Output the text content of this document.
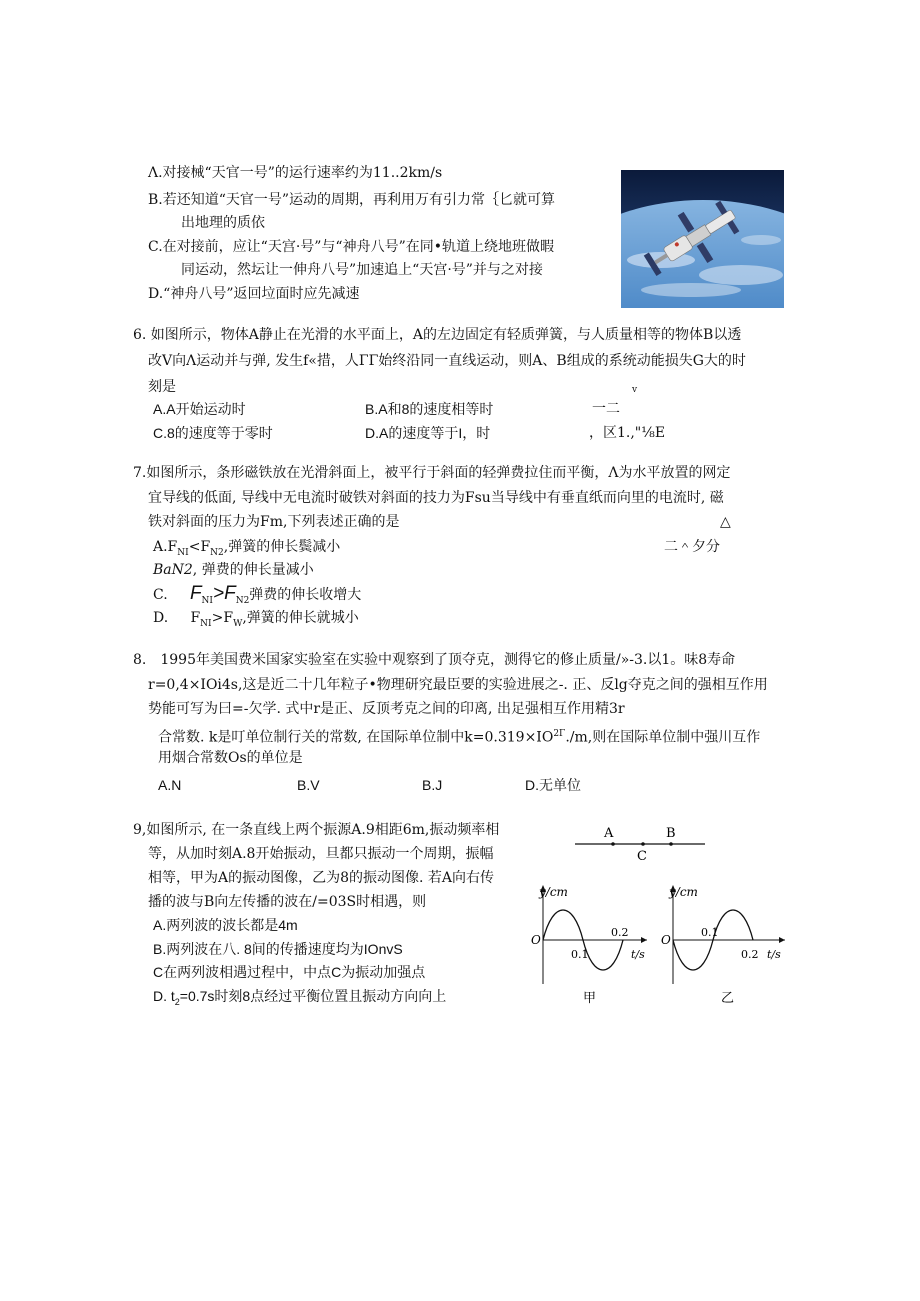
Λ.对接械“天官一号”的运行速率约为11..2km∕s
B.若还知道“天官一号”运动的周期，再利用万有引力常｛匕就可算
出地理的质依
C.在对接前，应让“天宫·号”与“神舟八号”在同•轨道上绕地班做暇
同运动，然坛让一伸舟八号”加速追上“天宫·号”并与之对接
D.“神舟八号”返回垃面时应先减速
6. 如图所示，物体A静止在光滑的水平面上，A的左边固定有轻质弹簧，与人质量相等的物体B以透
改V向Λ运动并与弹, 发生f«措，人ΓΓ始终沿同一直线运动，则A、B组成的系统动能损失G大的时
刻是	v
A.A开始运动时	B.A和8的速度相等时	一二
C.8的速度等于零时	D.A的速度等于I，时	，区1.,"⅛E
7.如图所示，条形磁铁放在光滑斜面上，被平行于斜面的轻弹费拉住而平衡，Λ为水平放置的网定
宜导线的低面, 导线中无电流时破铁对斜面的技力为Fsu当导线中有垂直纸而向里的电流时, 磁
铁对斜面的压力为Fm,下列表述正确的是	△
$A.F_{NI}<F_{N2}$,弹簧的伸长鬓减小	二＾夕分
BaN2, 弹费的伸长量减小
C. $F_{NI}>F_{N2}$弹费的伸长收增大
D. $F_{NI}>F_W$,弹簧的伸长就城小
8.　1995年美国费米国家实验室在实验中观察到了顶夺克，测得它的修止质量/»-3.以1。味8寿命
r=0,4×IOi4s,这是近二十几年粒子•物理研究最臣要的实验进展之-. 正、反lg夺克之间的强相互作用
势能可写为曰=-欠学. 式中r是正、反顶考克之间的印离, 出足强相互作用精3r
合常数. k是叮单位制行关的常数, 在国际单位制中$k=0.319\times IO^{2\Gamma}./m$,则在国际单位制中强川互作
用烟合常数Os的单位是
A.N	B.V	B.J	D.无单位
9,如图所示, 在一条直线上两个振源A.9相距6m,振动频率相
等，从加时刻A.8开始振动，旦都只振动一个周期，振幅
相等，甲为A的振动图像，乙为8的振动图像. 若A向右传
播的波与B向左传播的波在/=03S时相遇，则
A.两列波的波长都是4m
B.两列波在八. 8间的传播速度均为IOnvS
C在两列波相遇过程中，中点C为振动加强点
D. $t_2=0.7s$时刻8点经过平衡位置且振动方向向上
A	B
C
y/cm
O
0.2
0.1	t/s
甲
y/cm
O
0.1
0.2 t/s
乙
